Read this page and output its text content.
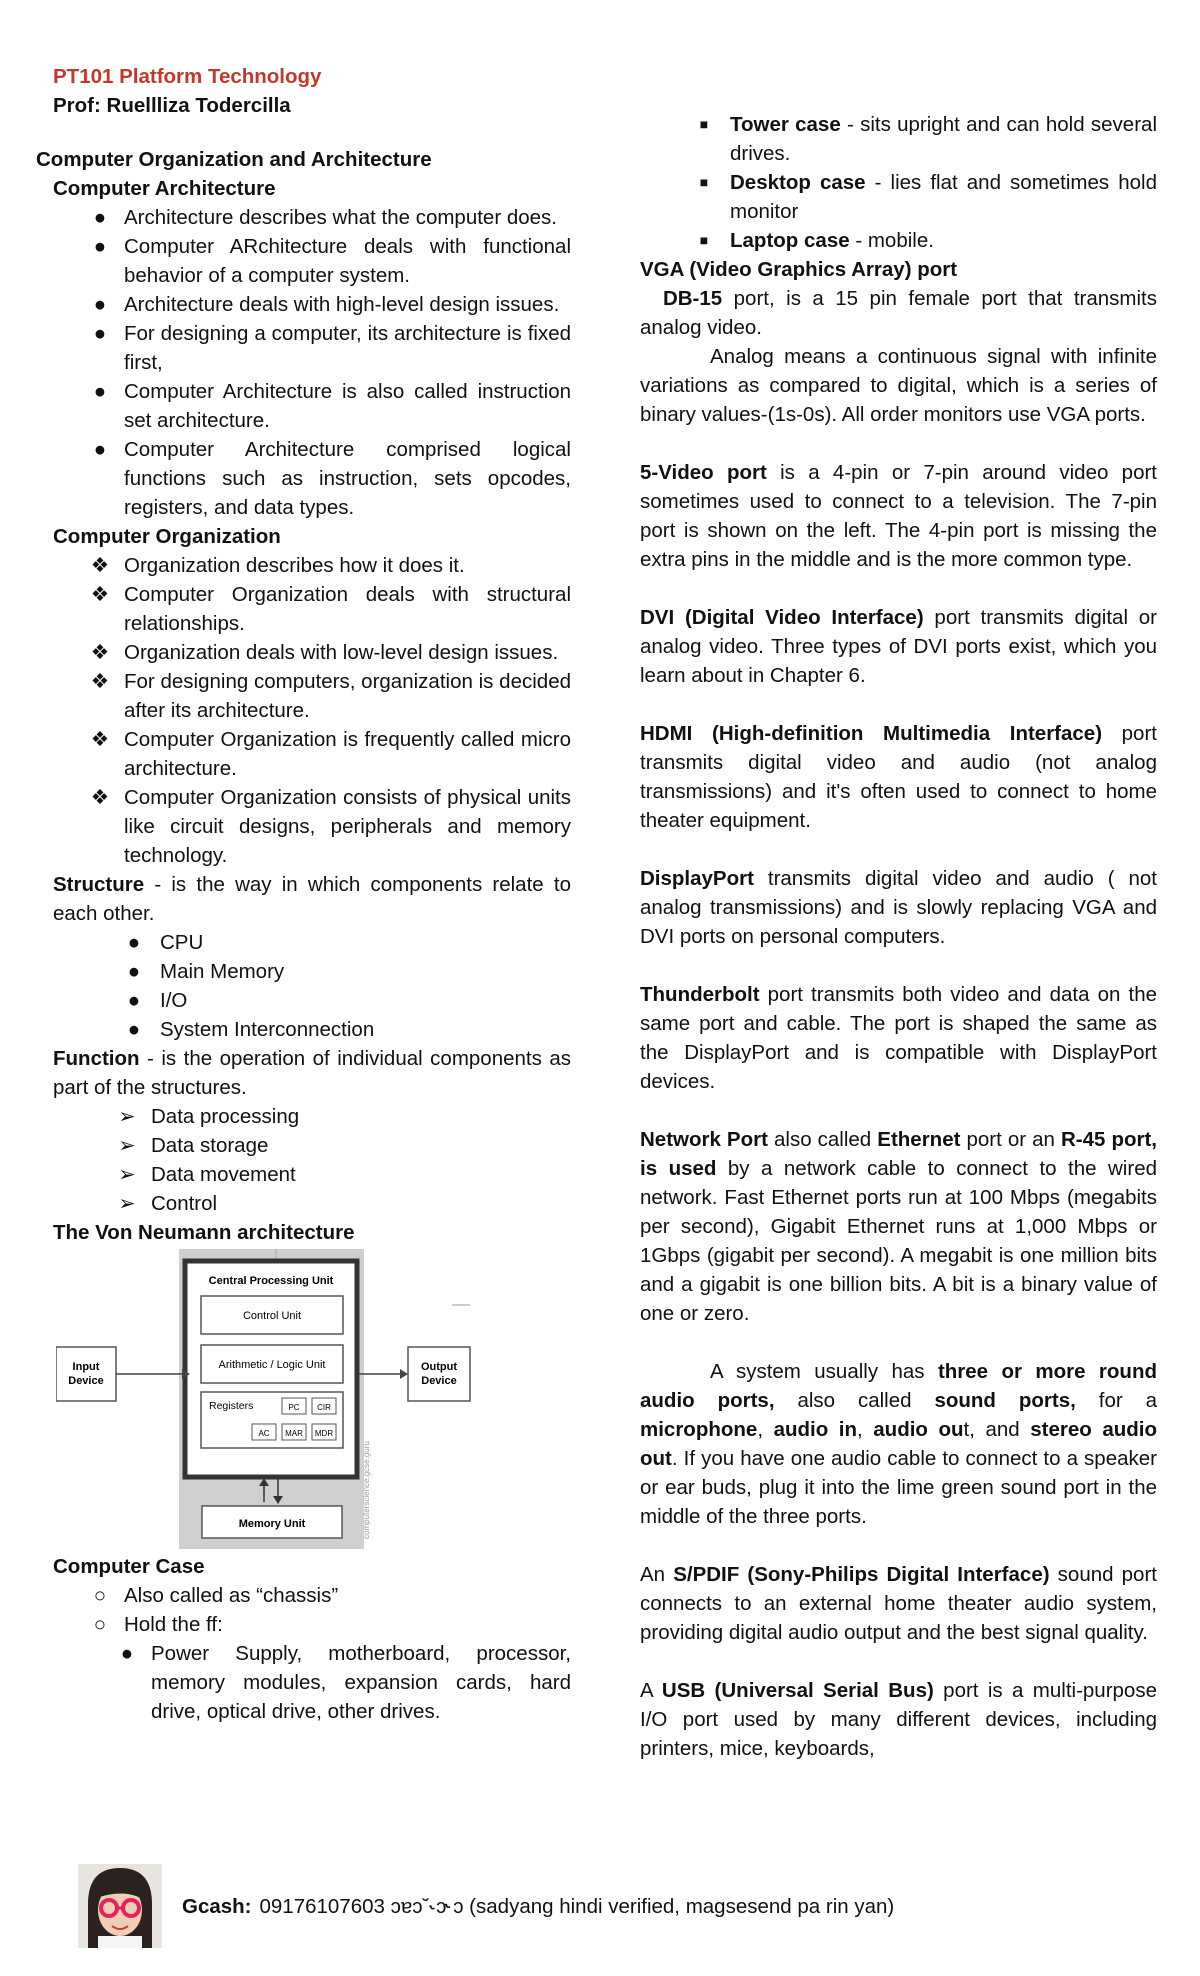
PT101 Platform Technology
Prof: Ruellliza Todercilla
Computer Organization and Architecture
Computer Architecture
● Architecture describes what the computer does.
● Computer ARchitecture deals with functional behavior of a computer system.
● Architecture deals with high-level design issues.
● For designing a computer, its architecture is fixed first,
● Computer Architecture is also called instruction set architecture.
● Computer Architecture comprised logical functions such as instruction, sets opcodes, registers, and data types.
Computer Organization
❖ Organization describes how it does it.
❖ Computer Organization deals with structural relationships.
❖ Organization deals with low-level design issues.
❖ For designing computers, organization is decided after its architecture.
❖ Computer Organization is frequently called micro architecture.
❖ Computer Organization consists of physical units like circuit designs, peripherals and memory technology.
Structure - is the way in which components relate to each other.
● CPU
● Main Memory
● I/O
● System Interconnection
Function - is the operation of individual components as part of the structures.
➢ Data processing
➢ Data storage
➢ Data movement
➢ Control
The Von Neumann architecture
Central Processing Unit
Control Unit
Arithmetic / Logic Unit
Registers	PC CIR
AC MAR MDR
Input
Device
Output
Device
Memory Unit	computerscience.gcse.guru
Computer Case
○ Also called as “chassis”
○ Hold the ff:
● Power Supply, motherboard, processor, memory modules, expansion cards, hard drive, optical drive, other drives.
■ Tower case - sits upright and can hold several drives.
■ Desktop case - lies flat and sometimes hold monitor
■ Laptop case - mobile.
VGA (Video Graphics Array) port
DB-15 port, is a 15 pin female port that transmits analog video.
Analog means a continuous signal with infinite variations as compared to digital, which is a series of binary values-(1s-0s). All order monitors use VGA ports.
5-Video port is a 4-pin or 7-pin around video port sometimes used to connect to a television. The 7-pin port is shown on the left. The 4-pin port is missing the extra pins in the middle and is the more common type.
DVI (Digital Video Interface) port transmits digital or analog video. Three types of DVI ports exist, which you learn about in Chapter 6.
HDMI (High-definition Multimedia Interface) port transmits digital video and audio (not analog transmissions) and it's often used to connect to home theater equipment.
DisplayPort transmits digital video and audio ( not analog transmissions) and is slowly replacing VGA and DVI ports on personal computers.
Thunderbolt port transmits both video and data on the same port and cable. The port is shaped the same as the DisplayPort and is compatible with DisplayPort devices.
Network Port also called Ethernet port or an R-45 port, is used by a network cable to connect to the wired network. Fast Ethernet ports run at 100 Mbps (megabits per second), Gigabit Ethernet runs at 1,000 Mbps or 1Gbps (gigabit per second). A megabit is one million bits and a gigabit is one billion bits. A bit is a binary value of one or zero.
A system usually has three or more round audio ports, also called sound ports, for a microphone, audio in, audio out, and stereo audio out. If you have one audio cable to connect to a speaker or ear buds, plug it into the lime green sound port in the middle of the three ports.
An S/PDIF (Sony-Philips Digital Interface) sound port connects to an external home theater audio system, providing digital audio output and the best signal quality.
A USB (Universal Serial Bus) port is a multi-purpose I/O port used by many different devices, including printers, mice, keyboards,
Gcash: 09176107603 ɔɐɔ˘⁢˞ɔ˞ɔ (sadyang hindi verified, magsesend pa rin yan)
